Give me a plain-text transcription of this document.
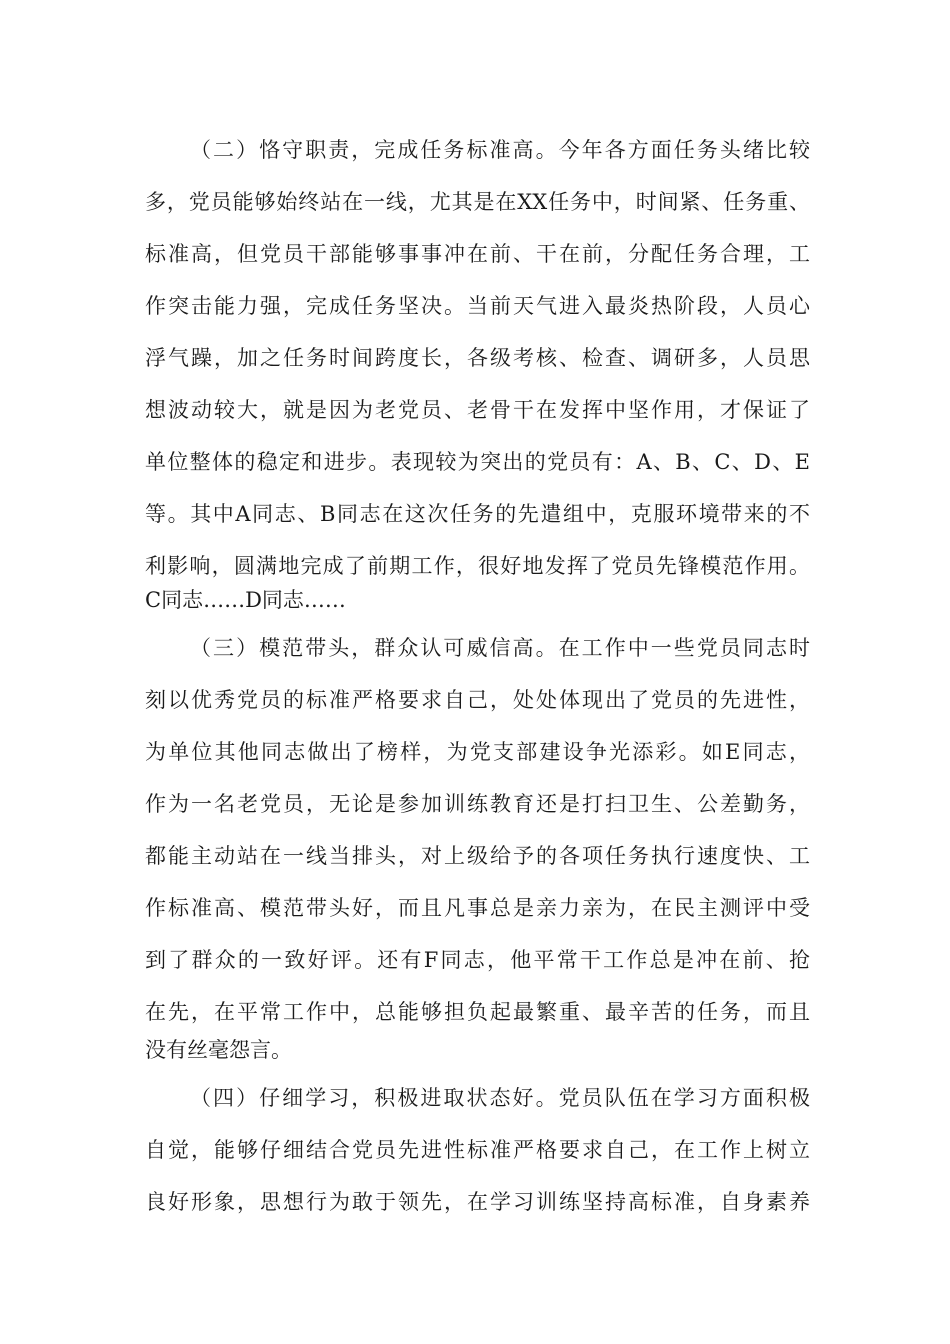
（二）恪守职责，完成任务标准高。今年各方面任务头绪比较
多，党员能够始终站在一线，尤其是在XX任务中，时间紧、任务重、
标准高，但党员干部能够事事冲在前、干在前，分配任务合理，工
作突击能力强，完成任务坚决。当前天气进入最炎热阶段，人员心
浮气躁，加之任务时间跨度长，各级考核、检查、调研多，人员思
想波动较大，就是因为老党员、老骨干在发挥中坚作用，才保证了
单位整体的稳定和进步。表现较为突出的党员有：A、B、C、D、E
等。其中A同志、B同志在这次任务的先遣组中，克服环境带来的不
利影响，圆满地完成了前期工作，很好地发挥了党员先锋模范作用。
C同志……D同志……
（三）模范带头，群众认可威信高。在工作中一些党员同志时
刻以优秀党员的标准严格要求自己，处处体现出了党员的先进性，
为单位其他同志做出了榜样，为党支部建设争光添彩。如E同志，
作为一名老党员，无论是参加训练教育还是打扫卫生、公差勤务，
都能主动站在一线当排头，对上级给予的各项任务执行速度快、工
作标准高、模范带头好，而且凡事总是亲力亲为，在民主测评中受
到了群众的一致好评。还有F同志，他平常干工作总是冲在前、抢
在先，在平常工作中，总能够担负起最繁重、最辛苦的任务，而且
没有丝毫怨言。
（四）仔细学习，积极进取状态好。党员队伍在学习方面积极
自觉，能够仔细结合党员先进性标准严格要求自己，在工作上树立
良好形象，思想行为敢于领先，在学习训练坚持高标准，自身素养
